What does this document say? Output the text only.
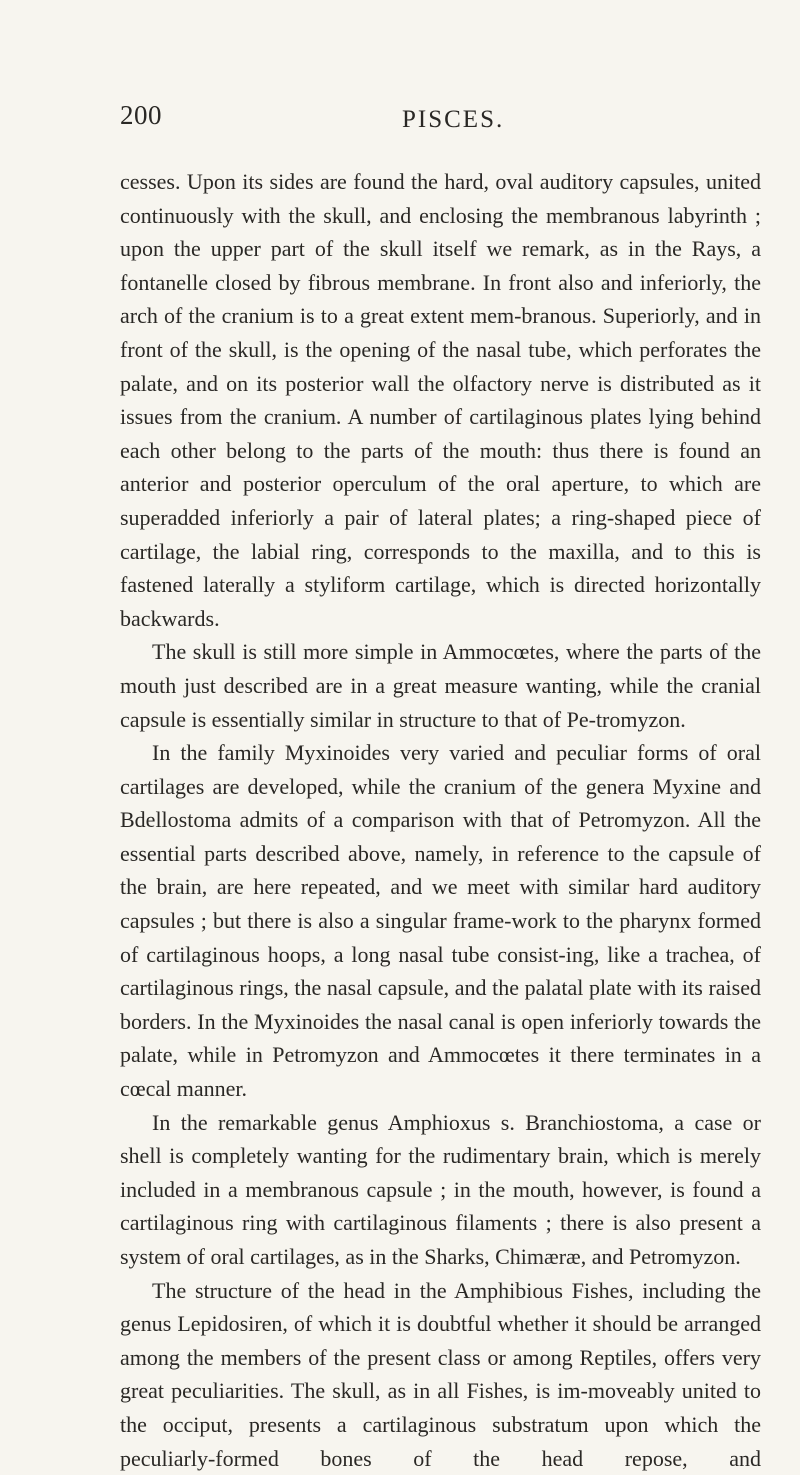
200	PISCES.

cesses. Upon its sides are found the hard, oval auditory capsules, united continuously with the skull, and enclosing the membranous labyrinth ; upon the upper part of the skull itself we remark, as in the Rays, a fontanelle closed by fibrous membrane. In front also and inferiorly, the arch of the cranium is to a great extent mem-branous. Superiorly, and in front of the skull, is the opening of the nasal tube, which perforates the palate, and on its posterior wall the olfactory nerve is distributed as it issues from the cranium. A number of cartilaginous plates lying behind each other belong to the parts of the mouth: thus there is found an anterior and posterior operculum of the oral aperture, to which are superadded inferiorly a pair of lateral plates; a ring-shaped piece of cartilage, the labial ring, corresponds to the maxilla, and to this is fastened laterally a styliform cartilage, which is directed horizontally backwards.

The skull is still more simple in Ammocœtes, where the parts of the mouth just described are in a great measure wanting, while the cranial capsule is essentially similar in structure to that of Pe-tromyzon.

In the family Myxinoides very varied and peculiar forms of oral cartilages are developed, while the cranium of the genera Myxine and Bdellostoma admits of a comparison with that of Petromyzon. All the essential parts described above, namely, in reference to the capsule of the brain, are here repeated, and we meet with similar hard auditory capsules ; but there is also a singular frame-work to the pharynx formed of cartilaginous hoops, a long nasal tube consist-ing, like a trachea, of cartilaginous rings, the nasal capsule, and the palatal plate with its raised borders. In the Myxinoides the nasal canal is open inferiorly towards the palate, while in Petromyzon and Ammocœtes it there terminates in a cœcal manner.

In the remarkable genus Amphioxus s. Branchiostoma, a case or shell is completely wanting for the rudimentary brain, which is merely included in a membranous capsule ; in the mouth, however, is found a cartilaginous ring with cartilaginous filaments ; there is also present a system of oral cartilages, as in the Sharks, Chimæræ, and Petromyzon.

The structure of the head in the Amphibious Fishes, including the genus Lepidosiren, of which it is doubtful whether it should be arranged among the members of the present class or among Reptiles, offers very great peculiarities. The skull, as in all Fishes, is im-moveably united to the occiput, presents a cartilaginous substratum upon which the peculiarly-formed bones of the head repose, and
